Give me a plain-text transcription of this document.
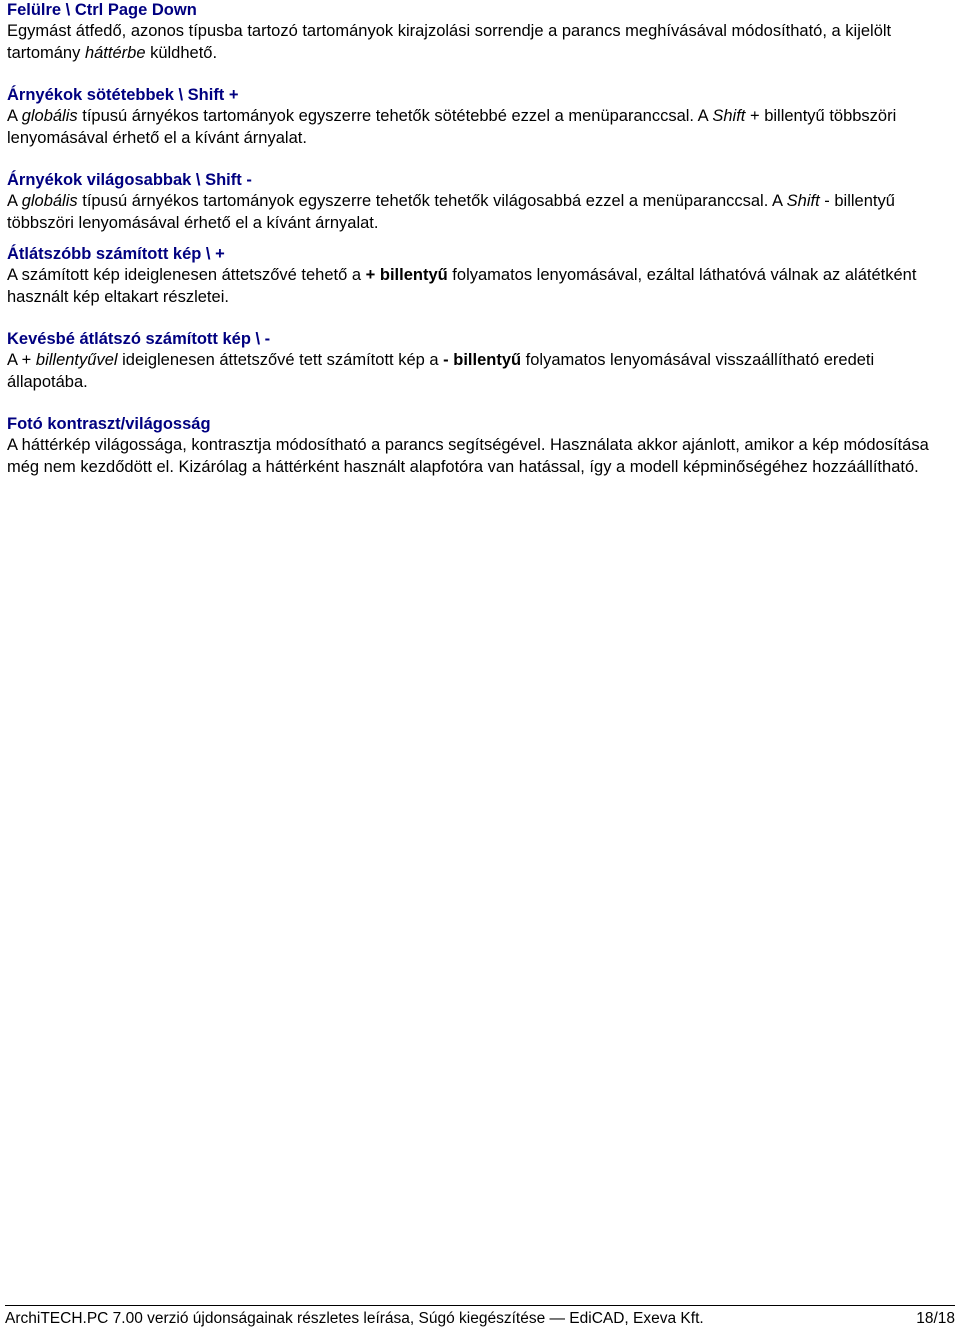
Felülre \ Ctrl Page Down

Egymást átfedő, azonos típusba tartozó tartományok kirajzolási sorrendje a parancs meghívásával módosítható, a kijelölt tartomány háttérbe küldhető.

Árnyékok sötétebbek \ Shift +

A globális típusú árnyékos tartományok egyszerre tehetők sötétebbé ezzel a menüparanccsal. A Shift + billentyű többszöri lenyomásával érhető el a kívánt árnyalat.

Árnyékok világosabbak \ Shift -

A globális típusú árnyékos tartományok egyszerre tehetők tehetők világosabbá ezzel a menüparanccsal. A Shift - billentyű többszöri lenyomásával érhető el a kívánt árnyalat.

Átlátszóbb számított kép \ +

A számított kép ideiglenesen áttetszővé tehető a + billentyű folyamatos lenyomásával, ezáltal láthatóvá válnak az alátétként használt kép eltakart részletei.

Kevésbé átlátszó számított kép \ -

A + billentyűvel ideiglenesen áttetszővé tett számított kép a - billentyű folyamatos lenyomásával visszaállítható eredeti állapotába.

Fotó kontraszt/világosság

A háttérkép világossága, kontrasztja módosítható a parancs segítségével. Használata akkor ajánlott, amikor a kép módosítása még nem kezdődött el. Kizárólag a háttérként használt alapfotóra van hatással, így a modell képminőségéhez hozzáállítható.

ArchiTECH.PC 7.00 verzió újdonságainak részletes leírása, Súgó kiegészítése ― EdiCAD, Exeva Kft.	18/18
